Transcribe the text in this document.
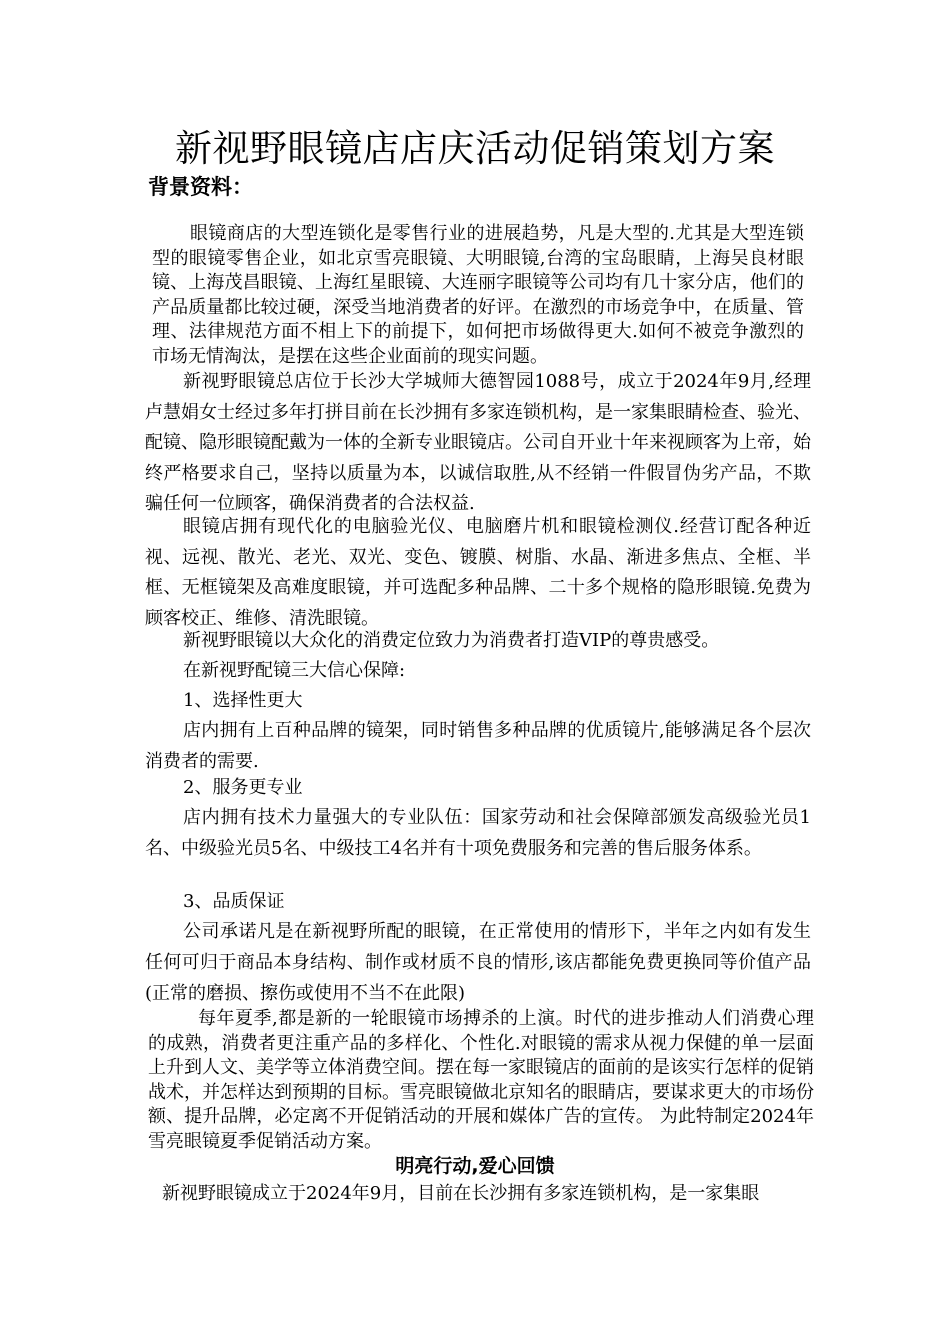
新视野眼镜店店庆活动促销策划方案
背景资料：

眼镜商店的大型连锁化是零售行业的进展趋势，凡是大型的.尤其是大型连锁型的眼镜零售企业，如北京雪亮眼镜、大明眼镜,台湾的宝岛眼睛，上海吴良材眼镜、上海茂昌眼镜、上海红星眼镜、大连丽字眼镜等公司均有几十家分店，他们的产品质量都比较过硬，深受当地消费者的好评。在激烈的市场竞争中，在质量、管理、法律规范方面不相上下的前提下，如何把市场做得更大.如何不被竞争激烈的市场无情淘汰，是摆在这些企业面前的现实问题。

新视野眼镜总店位于长沙大学城师大德智园1088号，成立于2024年9月,经理卢慧娟女士经过多年打拼目前在长沙拥有多家连锁机构，是一家集眼睛检查、验光、配镜、隐形眼镜配戴为一体的全新专业眼镜店。公司自开业十年来视顾客为上帝，始终严格要求自己，坚持以质量为本，以诚信取胜,从不经销一件假冒伪劣产品，不欺骗任何一位顾客，确保消费者的合法权益.

眼镜店拥有现代化的电脑验光仪、电脑磨片机和眼镜检测仪.经营订配各种近视、远视、散光、老光、双光、变色、镀膜、树脂、水晶、渐进多焦点、全框、半框、无框镜架及高难度眼镜，并可选配多种品牌、二十多个规格的隐形眼镜.免费为顾客校正、维修、清洗眼镜。

新视野眼镜以大众化的消费定位致力为消费者打造VIP的尊贵感受。

在新视野配镜三大信心保障:

1、选择性更大

店内拥有上百种品牌的镜架，同时销售多种品牌的优质镜片,能够满足各个层次消费者的需要.

2、服务更专业

店内拥有技术力量强大的专业队伍：国家劳动和社会保障部颁发高级验光员1名、中级验光员5名、中级技工4名并有十项免费服务和完善的售后服务体系。

3、品质保证

公司承诺凡是在新视野所配的眼镜，在正常使用的情形下，半年之内如有发生任何可归于商品本身结构、制作或材质不良的情形,该店都能免费更换同等价值产品(正常的磨损、擦伤或使用不当不在此限)

每年夏季,都是新的一轮眼镜市场搏杀的上演。时代的进步推动人们消费心理的成熟，消费者更注重产品的多样化、个性化.对眼镜的需求从视力保健的单一层面上升到人文、美学等立体消费空间。摆在每一家眼镜店的面前的是该实行怎样的促销战术，并怎样达到预期的目标。雪亮眼镜做北京知名的眼睛店，要谋求更大的市场份额、提升品牌，必定离不开促销活动的开展和媒体广告的宣传。 为此特制定2024年雪亮眼镜夏季促销活动方案。

明亮行动,爱心回馈

新视野眼镜成立于2024年9月，目前在长沙拥有多家连锁机构，是一家集眼
